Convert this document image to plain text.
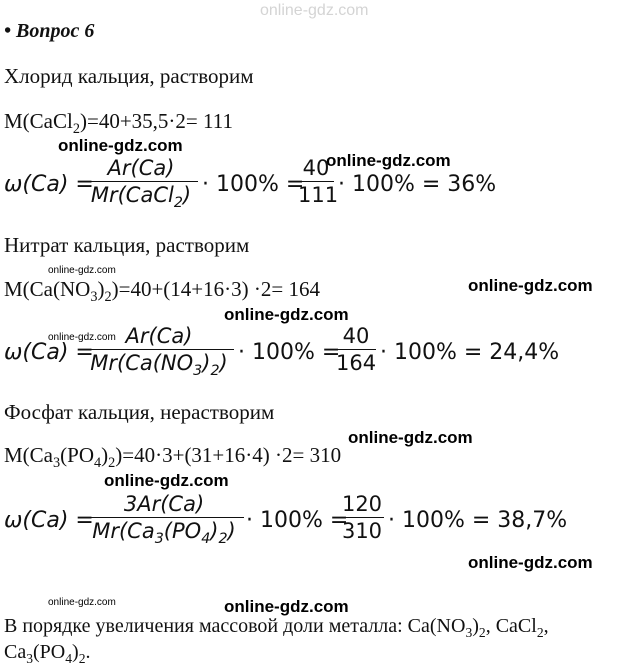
online-gdz.com
• Вопрос 6
Хлорид кальция, растворим
M(CaCl$_2$)=40+35,5·2= 111
online-gdz.com
online-gdz.com
ω(Ca) =
Ar(Ca)
Mr(CaCl$_2$) · 100% =
40
111 · 100% = 36%
Нитрат кальция, растворим
online-gdz.com
$M(Ca(NO_3)_2)=40+(14+16\cdot 3) \cdot 2= 164$	online-gdz.com
online-gdz.com
online-gdz.com
ω(Ca) =
Ar(Ca)
$Mr(Ca(NO_3)_2) \cdot 100\%$ =
40
164 · 100% = 24,4%
Фосфат кальция, нерастворим
online-gdz.com
$M(Ca_3(PO_4)_2)=40\cdot 3+(31+16\cdot 4) \cdot 2= 310$
online-gdz.com
ω(Ca) =
3Ar(Ca)
$Mr(Ca_3(PO_4)_2) \cdot 100\%$ =
120
310 · 100% = 38,7%
online-gdz.com
online-gdz.com	online-gdz.com
В порядке увеличения массовой доли металла: $Ca(NO_3)_2$, CaCl$_2$,
$Ca_3(PO_4)_2$.
